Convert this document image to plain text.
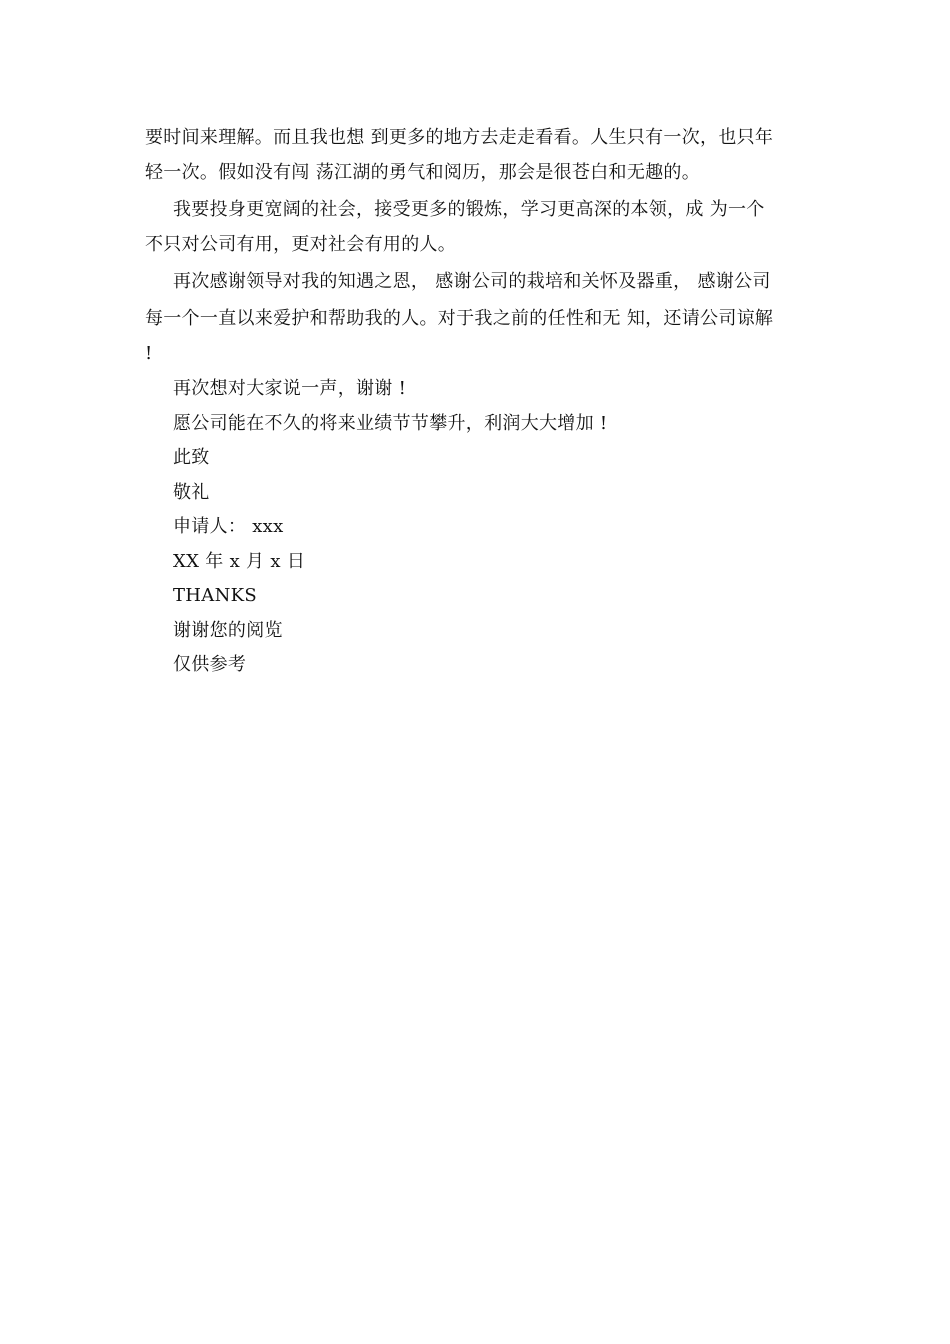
要时间来理解。而且我也想 到更多的地方去走走看看。人生只有一次，也只年
轻一次。假如没有闯 荡江湖的勇气和阅历，那会是很苍白和无趣的。
我要投身更宽阔的社会，接受更多的锻炼，学习更高深的本领，成 为一个
不只对公司有用，更对社会有用的人。
再次感谢领导对我的知遇之恩， 感谢公司的栽培和关怀及器重， 感谢公司
每一个一直以来爱护和帮助我的人。对于我之前的任性和无 知，还请公司谅解
!
再次想对大家说一声，谢谢 !
愿公司能在不久的将来业绩节节攀升，利润大大增加 !
此致
敬礼
申请人： xxx
XX 年 x 月 x 日
THANKS
谢谢您的阅览
仅供参考
